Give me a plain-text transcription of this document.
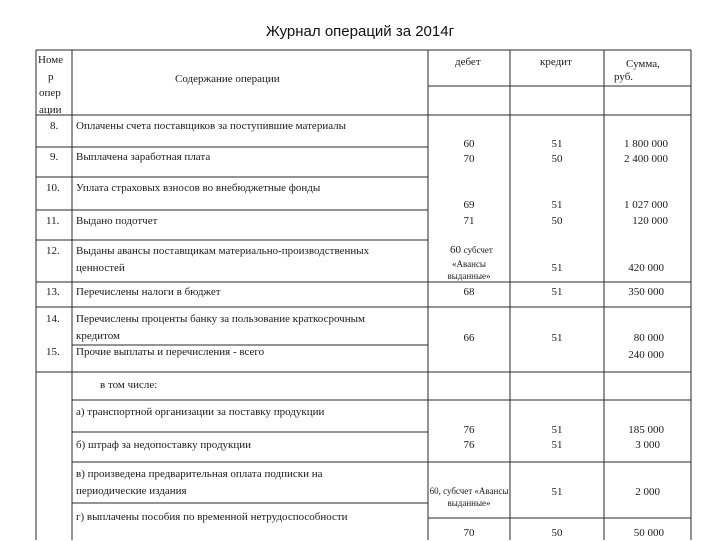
Журнал операций за 2014г
Номе
р
опер
ации
Содержание операции
дебет	кредит	Сумма,
руб.
8.
9.
10.
11.
12.
13.
14.
15.
Оплачены счета поставщиков за поступившие материалы
Выплачена заработная плата
Уплата страховых взносов во внебюджетные фонды
Выдано подотчет
Выданы авансы поставщикам материально-производственных
ценностей
Перечислены налоги в бюджет
Перечислены проценты банку за пользование краткосрочным
кредитом
Прочие выплаты и перечисления - всего
в том числе:
а) транспортной организации за поставку продукции
б) штраф за недопоставку продукции
в) произведена предварительная оплата подписки на
периодические издания
г) выплачены пособия по временной нетрудоспособности
60
70
69
71
60 субсчет
«Авансы
выданные»
68
66
76
76
60, субсчет «Авансы
выданные»
70
51
50
51
50
51
51
51
51
51
51
50
1 800 000
2 400 000
1 027 000
120 000
420 000
350 000
80 000
240 000
185 000
3 000
2 000
50 000
